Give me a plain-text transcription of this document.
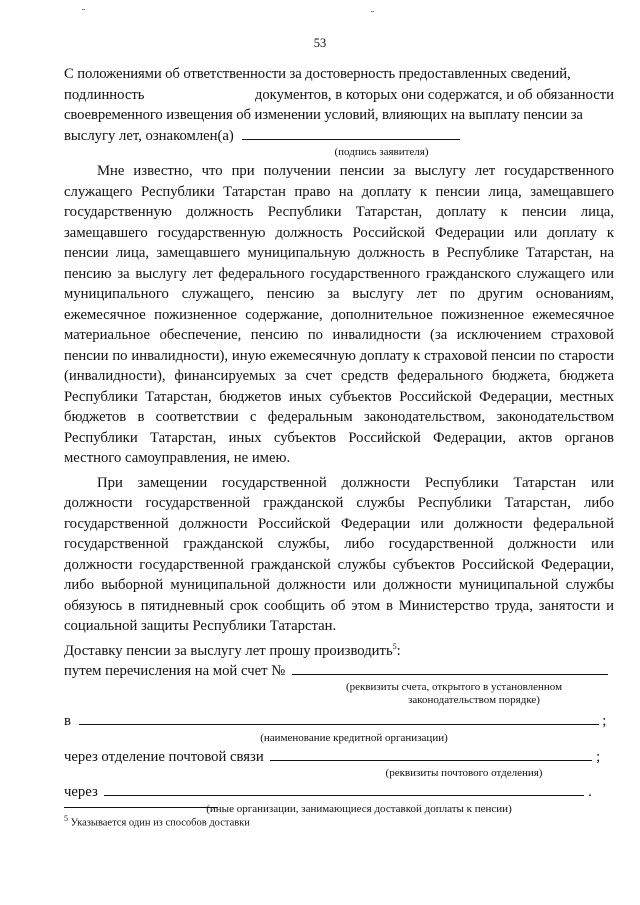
53
С положениями об ответственности за достоверность предоставленных сведений,
подлинность	документов, в которых они содержатся, и об обязанности
своевременного извещения об изменении условий, влияющих на выплату пенсии за
выслугу лет, ознакомлен(а)
(подпись заявителя)

Мне известно, что при получении пенсии за выслугу лет государственного служащего Республики Татарстан право на доплату к пенсии лица, замещавшего государственную должность Республики Татарстан, доплату к пенсии лица, замещавшего государственную должность Российской Федерации или доплату к пенсии лица, замещавшего муниципальную должность в Республике Татарстан, на пенсию за выслугу лет федерального государственного гражданского служащего или муниципального служащего, пенсию за выслугу лет по другим основаниям, ежемесячное пожизненное содержание, дополнительное пожизненное ежемесячное материальное обеспечение, пенсию по инвалидности (за исключением страховой пенсии по инвалидности), иную ежемесячную доплату к страховой пенсии по старости (инвалидности), финансируемых за счет средств федерального бюджета, бюджета Республики Татарстан, бюджетов иных субъектов Российской Федерации, местных бюджетов в соответствии с федеральным законодательством, законодательством Республики Татарстан, иных субъектов Российской Федерации, актов органов местного самоуправления, не имею.

При замещении государственной должности Республики Татарстан или должности государственной гражданской службы Республики Татарстан, либо государственной должности Российской Федерации или должности федеральной государственной гражданской службы, либо государственной должности или должности государственной гражданской службы субъектов Российской Федерации, либо выборной муниципальной должности или должности муниципальной службы обязуюсь в пятидневный срок сообщить об этом в Министерство труда, занятости и социальной защиты Республики Татарстан.

Доставку пенсии за выслугу лет прошу производить$^5$:
путем перечисления на мой счет №
(реквизиты счета, открытого в установленном
законодательством порядке)
в	;
(наименование кредитной организации)
через отделение почтовой связи	;
(реквизиты почтового отделения)
через	.
(иные организации, занимающиеся доставкой доплаты к пенсии)
$^5$ Указывается один из способов доставки
